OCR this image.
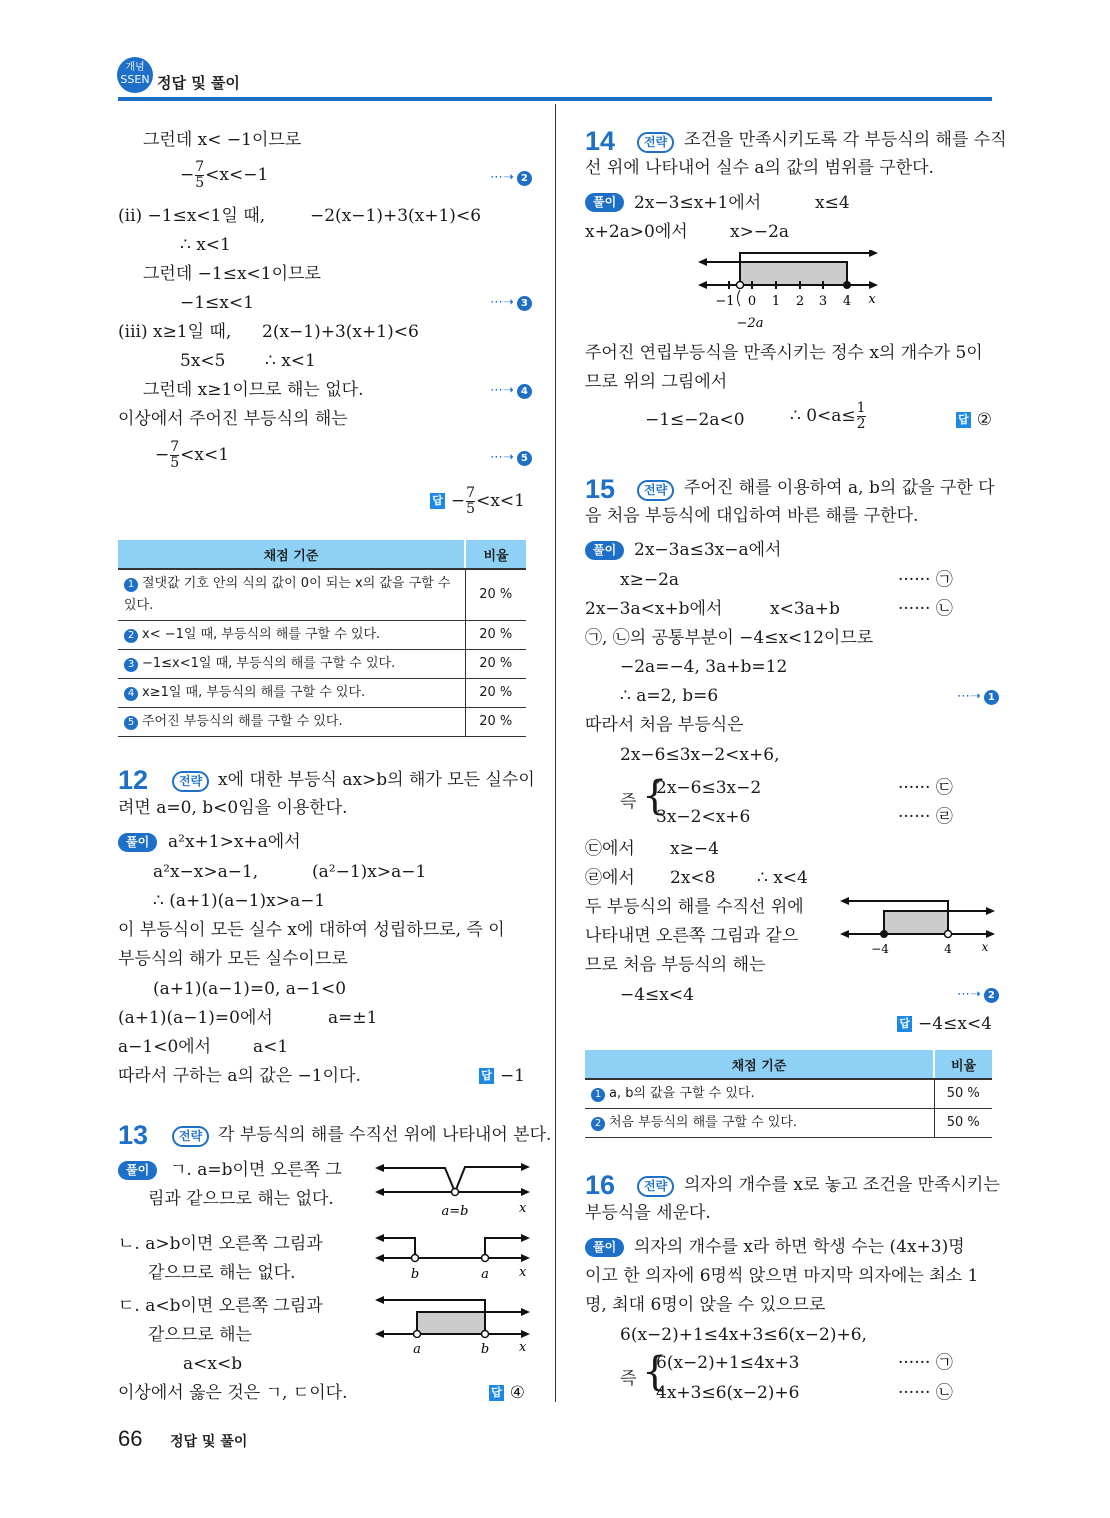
개념
SSEN 정답 및 풀이
그런데 x< −1이므로
− $\frac{7}{5} <x<-1$	⋯➝ 2
(ii) −1≤x<1일 때,	−2(x−1)+3(x+1)<6
∴ x<1
그런데 −1≤x<1이므로
−1≤x<1	⋯➝ 3
(iii) x≥1일 때, 2(x−1)+3(x+1)<6
5x<5 ∴ x<1
그런데 x≥1이므로 해는 없다.	⋯➝ 4
이상에서 주어진 부등식의 해는
− $\frac{7}{5} <x<1$	⋯➝ 5
답 − $\frac{7}{5} <x<1$
채점 기준	비율
1 절댓값 기호 안의 식의 값이 0이 되는 x의 값을 구할 수 있다.	20 %
2 x< −1일 때, 부등식의 해를 구할 수 있다.	20 %
3 −1≤x<1일 때, 부등식의 해를 구할 수 있다.	20 %
4 x≥1일 때, 부등식의 해를 구할 수 있다.	20 %
5 주어진 부등식의 해를 구할 수 있다.	20 %
12	전략 x에 대한 부등식 ax>b의 해가 모든 실수이
려면 a=0, b<0임을 이용한다.
풀이	a²x+1>x+a에서
a²x−x>a−1,	(a²−1)x>a−1
∴ (a+1)(a−1)x>a−1
이 부등식이 모든 실수 x에 대하여 성립하므로, 즉 이
부등식의 해가 모든 실수이므로
(a+1)(a−1)=0, a−1<0
(a+1)(a−1)=0에서	a=±1
a−1<0에서 a<1
따라서 구하는 a의 값은 −1이다.	답 −1
13	전략 각 부등식의 해를 수직선 위에 나타내어 본다.
풀이	ㄱ. a=b이면 오른쪽 그
림과 같으므로 해는 없다.
ㄴ. a>b이면 오른쪽 그림과
같으므로 해는 없다.
ㄷ. a<b이면 오른쪽 그림과
같으므로 해는
a<x<b
이상에서 옳은 것은 ㄱ, ㄷ이다.	답 ④
a=b	x
b	a x
a	b x
66 정답 및 풀이
14	전략 조건을 만족시키도록 각 부등식의 해를 수직
선 위에 나타내어 실수 a의 값의 범위를 구한다.
풀이	2x−3≤x+1에서	x≤4
x+2a>0에서 x>−2a
−1 0 1 2 3 4 x
−2a
주어진 연립부등식을 만족시키는 정수 x의 개수가 5이
므로 위의 그림에서
−1≤−2a<0	∴ $0<a\le \frac{1}{2}$	답 ②
15	전략 주어진 해를 이용하여 a, b의 값을 구한 다
음 처음 부등식에 대입하여 바른 해를 구한다.
풀이	2x−3a≤3x−a에서
x≥−2a	······ ㉠
2x−3a<x+b에서	x<3a+b	······ ㉡
㉠, ㉡의 공통부분이 −4≤x<12이므로
−2a=−4, 3a+b=12
∴ a=2, b=6	⋯➝ 1
따라서 처음 부등식은
2x−6≤3x−2<x+6,
즉 {
2x−6≤3x−2	······ ㉢
3x−2<x+6	······ ㉣
㉢에서 x≥−4
㉣에서 2x<8 ∴ x<4
두 부등식의 해를 수직선 위에
나타내면 오른쪽 그림과 같으
므로 처음 부등식의 해는
−4≤x<4	⋯➝ 2
답 −4≤x<4
−4	4 x
채점 기준	비율
1 a, b의 값을 구할 수 있다.	50 %
2 처음 부등식의 해를 구할 수 있다.	50 %
16	전략 의자의 개수를 x로 놓고 조건을 만족시키는
부등식을 세운다.
풀이	의자의 개수를 x라 하면 학생 수는 (4x+3)명
이고 한 의자에 6명씩 앉으면 마지막 의자에는 최소 1
명, 최대 6명이 앉을 수 있으므로
6(x−2)+1≤4x+3≤6(x−2)+6,
즉 {
6(x−2)+1≤4x+3	······ ㉠
4x+3≤6(x−2)+6	······ ㉡
